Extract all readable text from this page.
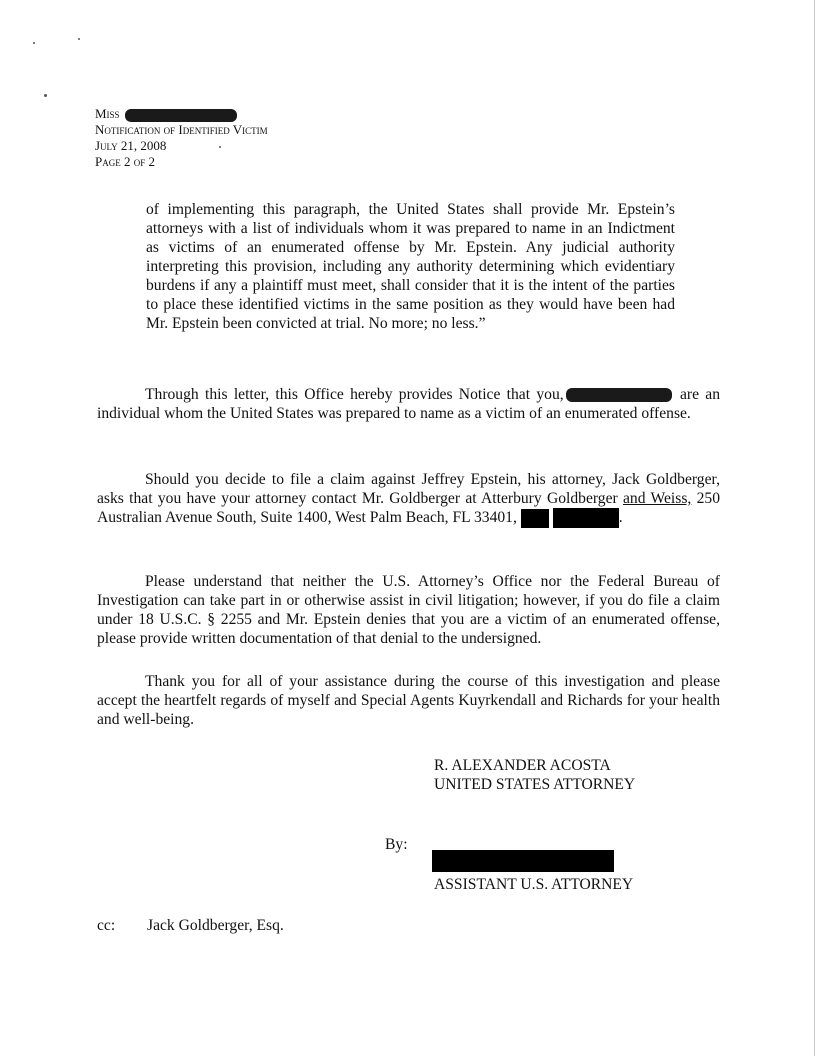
Miss
Notification of Identified Victim
July 21, 2008
Page 2 of 2
of implementing this paragraph, the United States shall provide Mr. Epstein’s attorneys with a list of individuals whom it was prepared to name in an Indictment as victims of an enumerated offense by Mr. Epstein. Any judicial authority interpreting this provision, including any authority determining which evidentiary burdens if any a plaintiff must meet, shall consider that it is the intent of the parties to place these identified victims in the same position as they would have been had Mr. Epstein been convicted at trial. No more; no less.”
Through this letter, this Office hereby provides Notice that you,	are an individual whom the United States was prepared to name as a victim of an enumerated offense.
Should you decide to file a claim against Jeffrey Epstein, his attorney, Jack Goldberger, asks that you have your attorney contact Mr. Goldberger at Atterbury Goldberger and Weiss, 250 Australian Avenue South, Suite 1400, West Palm Beach, FL 33401,	.
Please understand that neither the U.S. Attorney’s Office nor the Federal Bureau of Investigation can take part in or otherwise assist in civil litigation; however, if you do file a claim under 18 U.S.C. § 2255 and Mr. Epstein denies that you are a victim of an enumerated offense, please provide written documentation of that denial to the undersigned.
Thank you for all of your assistance during the course of this investigation and please accept the heartfelt regards of myself and Special Agents Kuyrkendall and Richards for your health and well-being.
R. ALEXANDER ACOSTA
UNITED STATES ATTORNEY
By:
ASSISTANT U.S. ATTORNEY
cc: Jack Goldberger, Esq.
